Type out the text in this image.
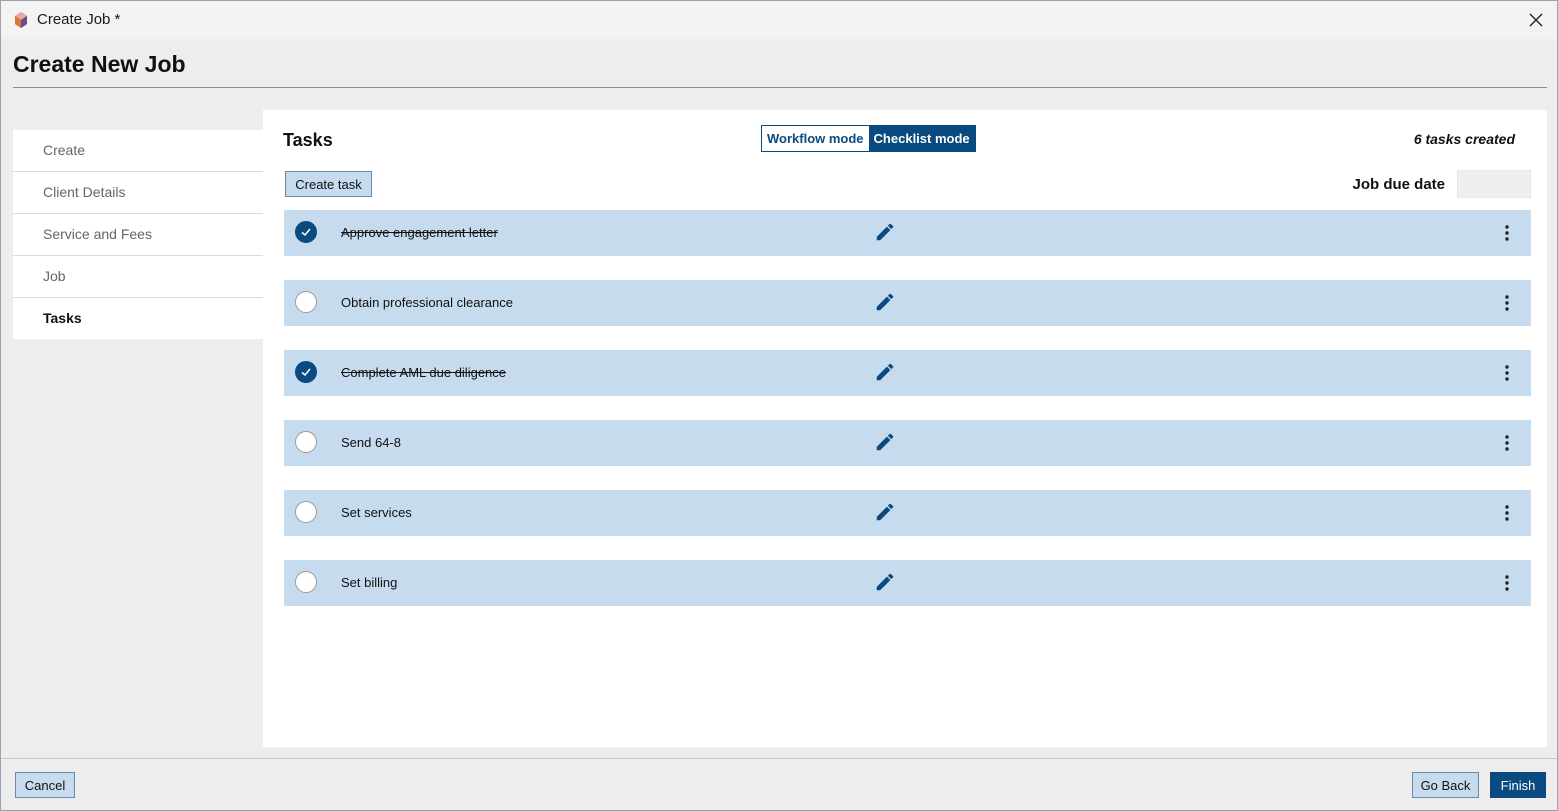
Create Job *
Create New Job
Create
Client Details
Service and Fees
Job
Tasks
Tasks	Workflow mode Checklist mode	6 tasks created
Create task	Job due date
Approve engagement letter
Obtain professional clearance
Complete AML due diligence
Send 64-8
Set services
Set billing
Cancel	Go Back	Finish
